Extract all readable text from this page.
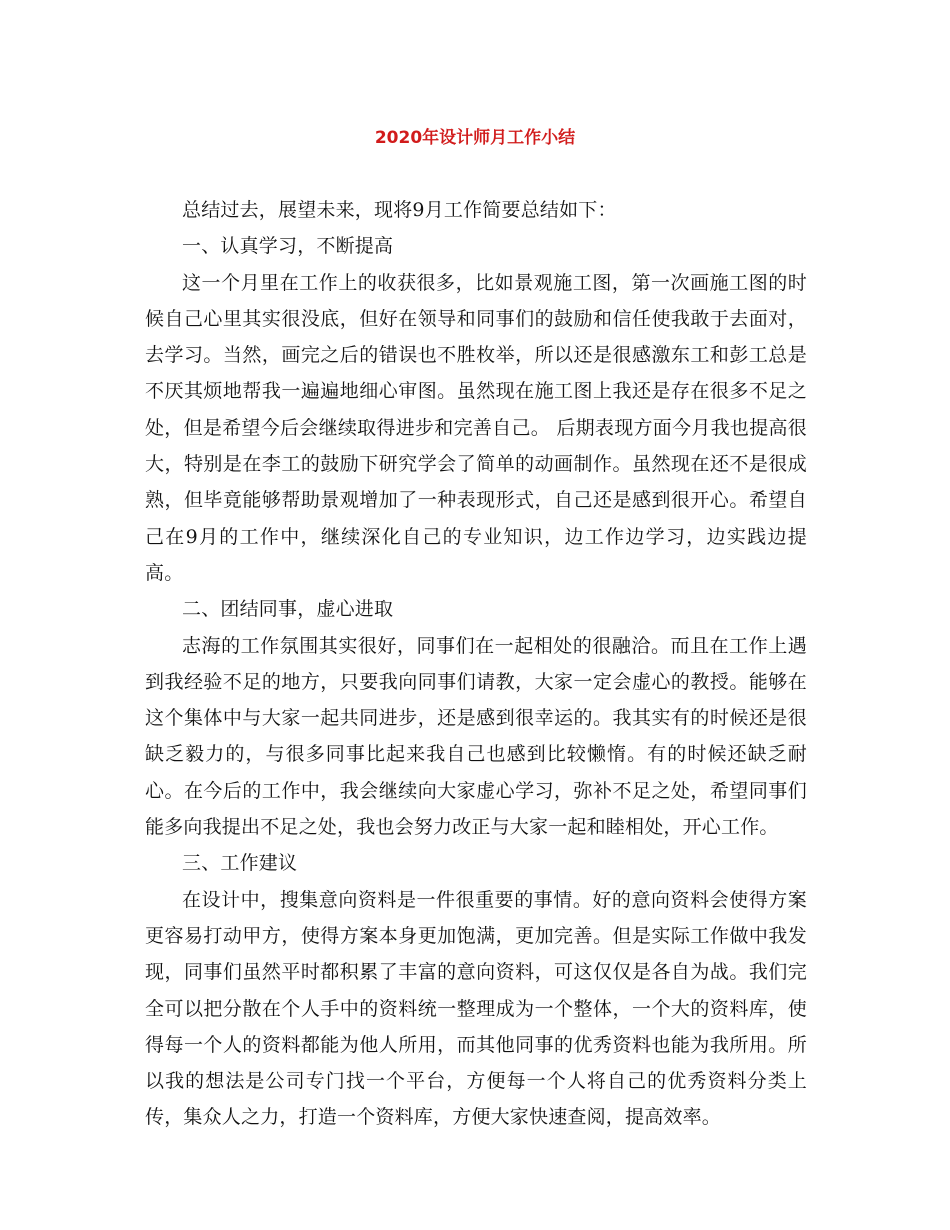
2020年设计师月工作小结

总结过去，展望未来，现将9月工作简要总结如下：

一、认真学习，不断提高

这一个月里在工作上的收获很多，比如景观施工图，第一次画施工图的时候自己心里其实很没底，但好在领导和同事们的鼓励和信任使我敢于去面对，去学习。当然，画完之后的错误也不胜枚举，所以还是很感激东工和彭工总是不厌其烦地帮我一遍遍地细心审图。虽然现在施工图上我还是存在很多不足之处，但是希望今后会继续取得进步和完善自己。 后期表现方面今月我也提高很大，特别是在李工的鼓励下研究学会了简单的动画制作。虽然现在还不是很成熟，但毕竟能够帮助景观增加了一种表现形式，自己还是感到很开心。希望自己在9月的工作中，继续深化自己的专业知识，边工作边学习，边实践边提高。

二、团结同事，虚心进取

志海的工作氛围其实很好，同事们在一起相处的很融洽。而且在工作上遇到我经验不足的地方，只要我向同事们请教，大家一定会虚心的教授。能够在这个集体中与大家一起共同进步，还是感到很幸运的。我其实有的时候还是很缺乏毅力的，与很多同事比起来我自己也感到比较懒惰。有的时候还缺乏耐心。在今后的工作中，我会继续向大家虚心学习，弥补不足之处，希望同事们能多向我提出不足之处，我也会努力改正与大家一起和睦相处，开心工作。

三、工作建议

在设计中，搜集意向资料是一件很重要的事情。好的意向资料会使得方案更容易打动甲方，使得方案本身更加饱满，更加完善。但是实际工作做中我发现，同事们虽然平时都积累了丰富的意向资料，可这仅仅是各自为战。我们完全可以把分散在个人手中的资料统一整理成为一个整体，一个大的资料库，使得每一个人的资料都能为他人所用，而其他同事的优秀资料也能为我所用。所以我的想法是公司专门找一个平台，方便每一个人将自己的优秀资料分类上传，集众人之力，打造一个资料库，方便大家快速查阅，提高效率。
